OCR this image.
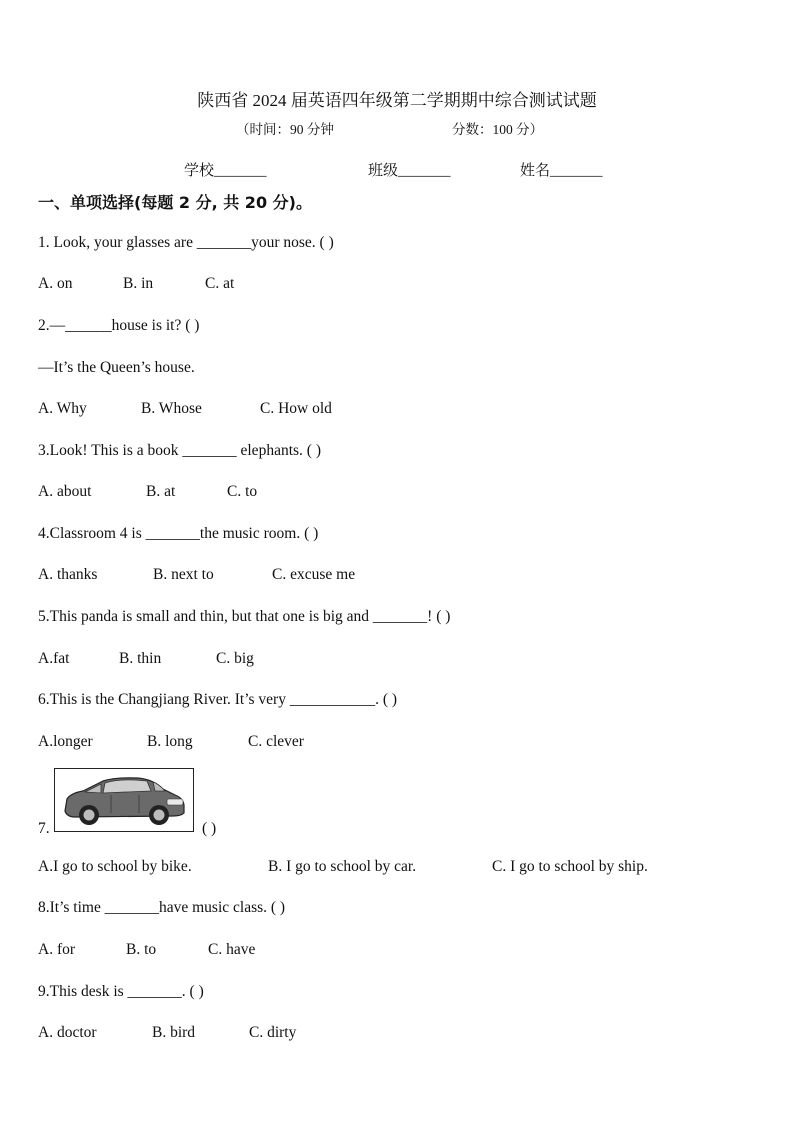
陕西省 2024 届英语四年级第二学期期中综合测试试题
（时间：90 分钟	分数：100 分）
学校_______	班级_______	姓名_______
一、单项选择(每题 2 分, 共 20 分)。
1. Look, your glasses are _______your nose. ( )
A. on	B. in	C. at
2.—______house is it? ( )
—It’s the Queen’s house.
A. Why	B. Whose	C. How old
3.Look! This is a book _______ elephants. ( )
A. about	B. at	C. to
4.Classroom 4 is _______the music room. ( )
A. thanks	B. next to	C. excuse me
5.This panda is small and thin, but that one is big and _______! ( )
A.fat	B. thin	C. big
6.This is the Changjiang River. It’s very ___________. ( )
A.longer	B. long	C. clever
7.	( )
A.I go to school by bike.	B. I go to school by car.	C. I go to school by ship.
8.It’s time _______have music class. ( )
A. for	B. to	C. have
9.This desk is _______. ( )
A. doctor	B. bird	C. dirty
